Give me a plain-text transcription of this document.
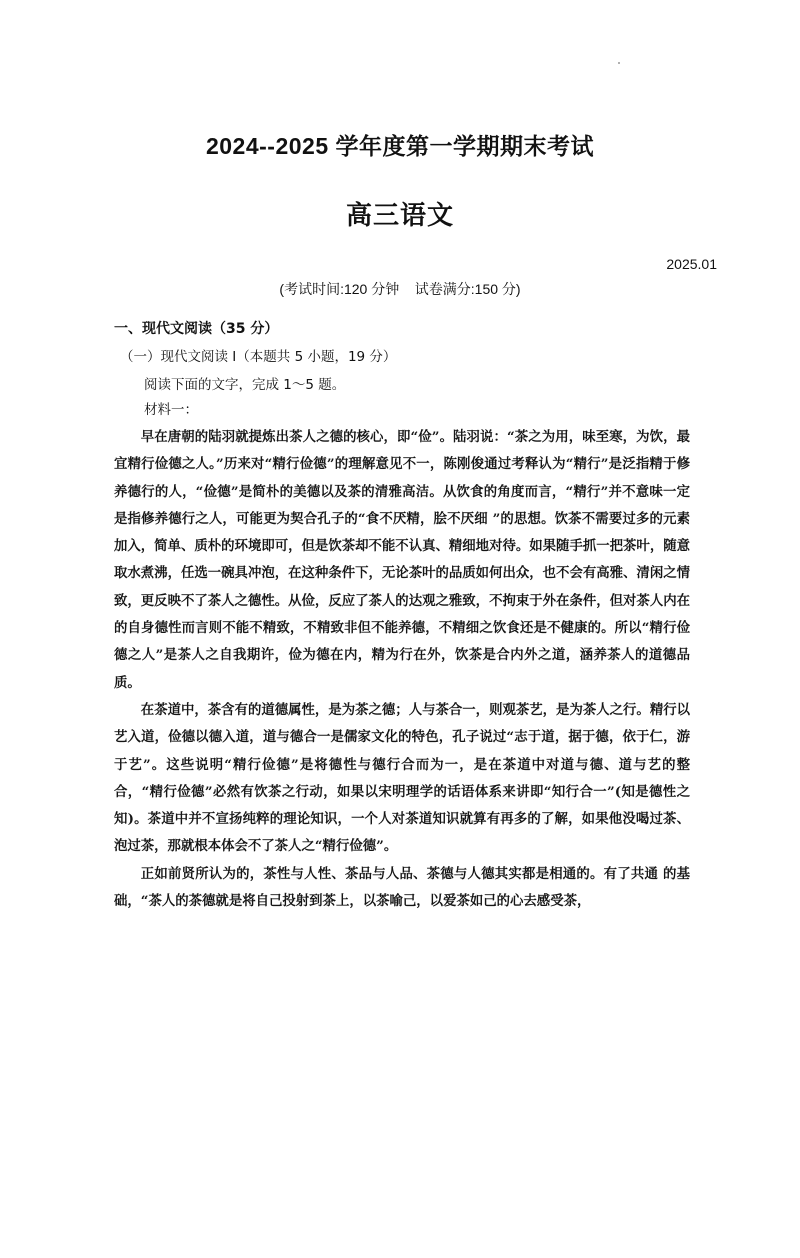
2024--2025 学年度第一学期期末考试
高三语文
2025.01
(考试时间:120 分钟    试卷满分:150 分)
一、现代文阅读（35 分）
（一）现代文阅读 I（本题共 5 小题，19 分）
阅读下面的文字，完成 1～5 题。
材料一：

早在唐朝的陆羽就提炼出茶人之德的核心，即“俭”。陆羽说：“茶之为用，味至寒，为饮，最宜精行俭德之人。”历来对“精行俭德”的理解意见不一，陈刚俊通过考释认为“精行”是泛指精于修养德行的人，“俭德”是简朴的美德以及茶的清雅高洁。从饮食的角度而言，“精行”并不意味一定是指修养德行之人，可能更为契合孔子的“食不厌精，脍不厌细 ”的思想。饮茶不需要过多的元素加入，简单、质朴的环境即可，但是饮茶却不能不认真、精细地对待。如果随手抓一把茶叶，随意取水煮沸，任选一碗具冲泡，在这种条件下，无论茶叶的品质如何出众，也不会有高雅、清闲之情致，更反映不了茶人之德性。从俭，反应了茶人的达观之雅致，不拘束于外在条件，但对茶人内在的自身德性而言则不能不精致，不精致非但不能养德，不精细之饮食还是不健康的。所以“精行俭德之人”是茶人之自我期许，俭为德在内，精为行在外，饮茶是合内外之道，涵养茶人的道德品质。

在茶道中，茶含有的道德属性，是为茶之德；人与茶合一，则观茶艺，是为茶人之行。精行以艺入道，俭德以德入道，道与德合一是儒家文化的特色，孔子说过“志于道，据于德，依于仁，游于艺”。这些说明“精行俭德”是将德性与德行合而为一，是在茶道中对道与德、道与艺的整合，“精行俭德”必然有饮茶之行动，如果以宋明理学的话语体系来讲即“知行合一”(知是德性之知)。茶道中并不宣扬纯粹的理论知识，一个人对茶道知识就算有再多的了解，如果他没喝过茶、泡过茶，那就根本体会不了茶人之“精行俭德”。

正如前贤所认为的，茶性与人性、茶品与人品、茶德与人德其实都是相通的。有了共通 的基础，“茶人的茶德就是将自己投射到茶上，以茶喻己，以爱茶如己的心去感受茶，
